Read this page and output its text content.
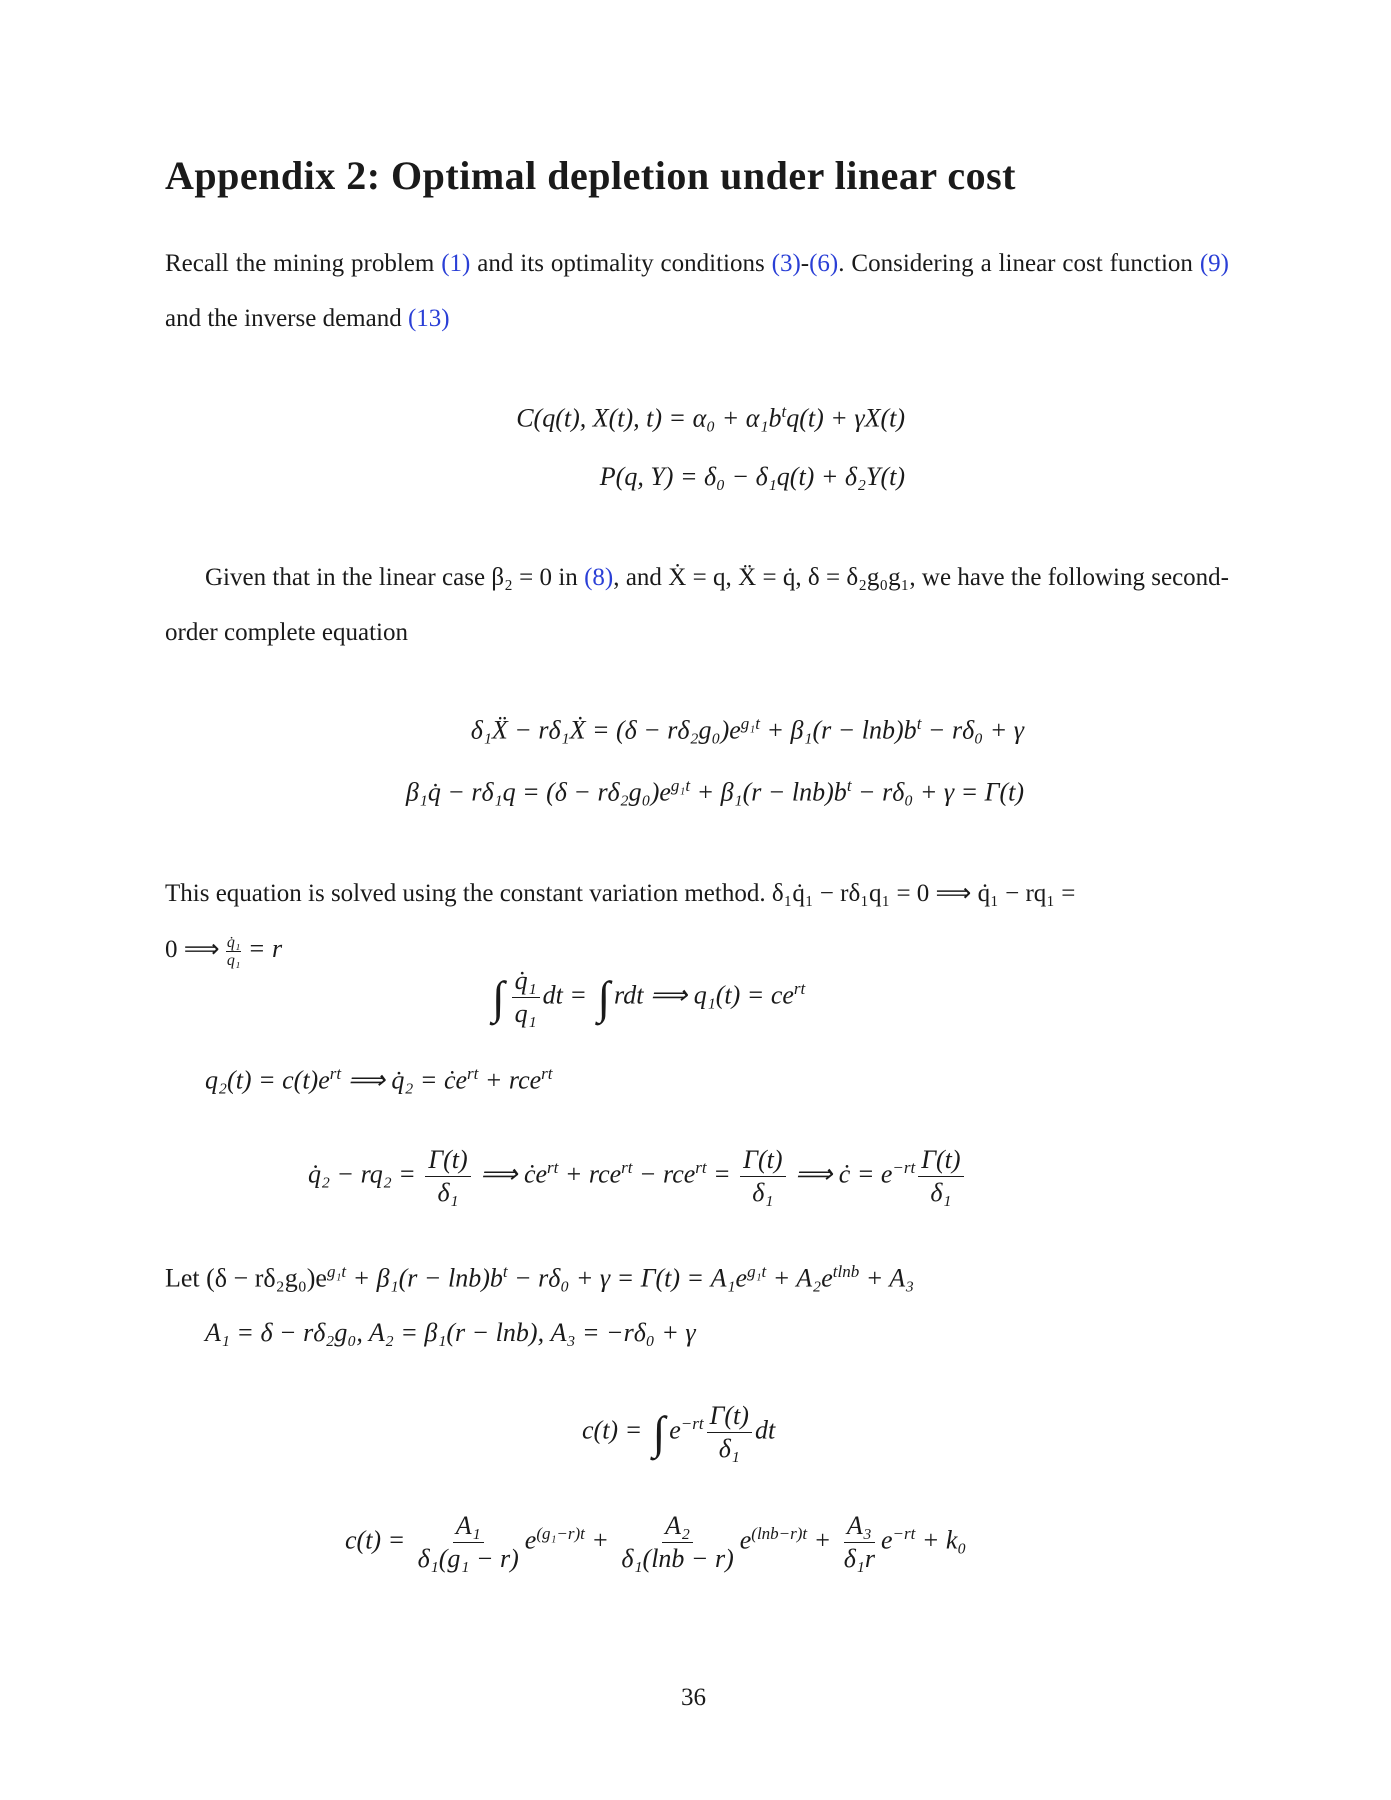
Appendix 2: Optimal depletion under linear cost
Recall the mining problem (1) and its optimality conditions (3)-(6). Considering a linear cost function (9) and the inverse demand (13)
C(q(t), X(t), $t) = \alpha_0 + \alpha_1b^tq(t) + \gamma X(t)$
P(q, Y) = δ₀ − δ₁q(t) + δ₂Y(t)
Given that in the linear case β₂ = 0 in (8), and Ẋ = q, Ẍ = q̇, δ = δ₂g₀g₁, we have the following second-order complete equation
δ₁Ẍ − rδ₁Ẋ = $(\delta - r\delta_2g_0)e^{g_1t} + \beta_1(r - \ln b)b^t - r\delta_0 + \gamma$
β₁q̇ − $r\delta_1q = (\delta - r\delta_2g_0)e^{g_1t} + \beta_1(r - \ln b)b^t - r\delta_0 + \gamma = \Gamma(t)$
This equation is solved using the constant variation method. δ₁q̇₁ − rδ₁q₁ = 0 ⟹ q̇₁ − rq₁ =
0 ⟹ $\frac{\text{q̇₁}}{\text{q₁}} = r$
∫ $\frac{\text{q̇₁}}{\text{q₁}}$ dt = ∫ rdt ⟹ $q_1(t) = ce^{rt}$
$q_2(t) = c(t)e^{rt}$ ⟹ q̇₂ = $ċe^{rt} + rce^{rt}$
q̇₂ − $rq_2 = \frac{\Gamma(t)}{\text{δ₁}}$ ⟹ $ċe^{rt} + rce^{rt} - rce^{rt} = \frac{\Gamma(t)}{\text{δ₁}}$ ⟹ ċ = $e^{-rt} \frac{\Gamma(t)}{\text{δ₁}}$
Let $(\delta - r\delta_2g_0)e^{g_1t} + \beta_1(r - \ln b)b^t - r\delta_0 + \gamma = \Gamma(t) = A_1e^{g_1t} + A_2e^{tlnb} + A_3$
A₁ = δ − rδ₂g₀, A₂ = β₁(r − lnb), A₃ = −rδ₀ + γ
c(t) = ∫ $e^{-rt} \frac{\Gamma(t)}{\text{δ₁}}$ dt
$c(t) = \frac{\text{A₁}}{\text{δ₁(g₁ − r)}} e^{(g_1-r)t} + \frac{\text{A₂}}{\text{δ₁(lnb − r)}} e^{(lnb-r)t} + \frac{\text{A₃}}{\text{δ₁r}} e^{-rt} + k_0$
36
